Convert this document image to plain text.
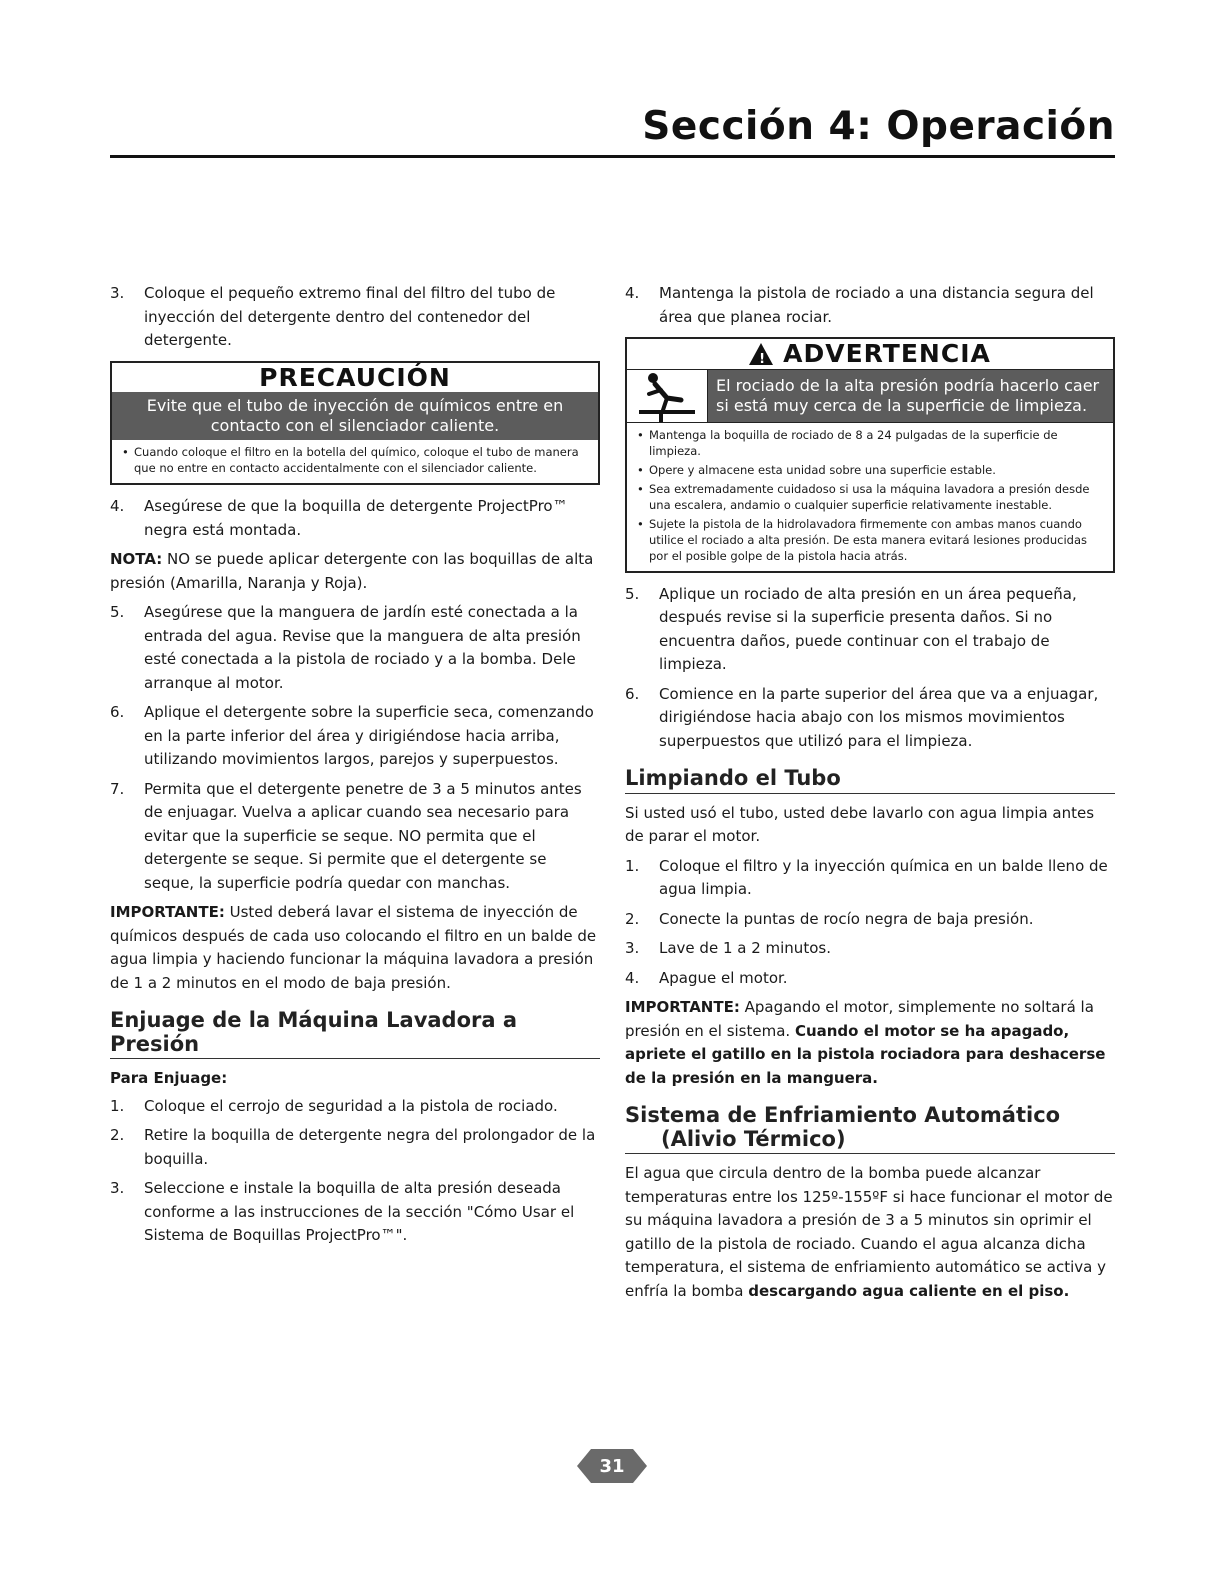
Sección 4: Operación
3.	Coloque el pequeño extremo final del filtro del tubo de inyección del detergente dentro del contenedor del detergente.
PRECAUCIÓN
Evite que el tubo de inyección de químicos entre en contacto con el silenciador caliente.
• Cuando coloque el filtro en la botella del químico, coloque el tubo de manera que no entre en contacto accidentalmente con el silenciador caliente.
4.	Asegúrese de que la boquilla de detergente ProjectPro™ negra está montada.

NOTA: NO se puede aplicar detergente con las boquillas de alta presión (Amarilla, Naranja y Roja).

5.	Asegúrese que la manguera de jardín esté conectada a la entrada del agua. Revise que la manguera de alta presión esté conectada a la pistola de rociado y a la bomba. Dele arranque al motor.
6.	Aplique el detergente sobre la superficie seca, comenzando en la parte inferior del área y dirigiéndose hacia arriba, utilizando movimientos largos, parejos y superpuestos.
7.	Permita que el detergente penetre de 3 a 5 minutos antes de enjuagar. Vuelva a aplicar cuando sea necesario para evitar que la superficie se seque. NO permita que el detergente se seque. Si permite que el detergente se seque, la superficie podría quedar con manchas.

IMPORTANTE: Usted deberá lavar el sistema de inyección de químicos después de cada uso colocando el filtro en un balde de agua limpia y haciendo funcionar la máquina lavadora a presión de 1 a 2 minutos en el modo de baja presión.

Enjuage de la Máquina Lavadora a Presión
Para Enjuage:
1.	Coloque el cerrojo de seguridad a la pistola de rociado.
2.	Retire la boquilla de detergente negra del prolongador de la boquilla.
3.	Seleccione e instale la boquilla de alta presión deseada conforme a las instrucciones de la sección "Cómo Usar el Sistema de Boquillas ProjectPro™".
4.	Mantenga la pistola de rociado a una distancia segura del área que planea rociar.
! ADVERTENCIA
El rociado de la alta presión podría hacerlo caer si está muy cerca de la superficie de limpieza.
• Mantenga la boquilla de rociado de 8 a 24 pulgadas de la superficie de limpieza.
• Opere y almacene esta unidad sobre una superficie estable.
• Sea extremadamente cuidadoso si usa la máquina lavadora a presión desde una escalera, andamio o cualquier superficie relativamente inestable.
• Sujete la pistola de la hidrolavadora firmemente con ambas manos cuando utilice el rociado a alta presión. De esta manera evitará lesiones producidas por el posible golpe de la pistola hacia atrás.
5.	Aplique un rociado de alta presión en un área pequeña, después revise si la superficie presenta daños. Si no encuentra daños, puede continuar con el trabajo de limpieza.
6.	Comience en la parte superior del área que va a enjuagar, dirigiéndose hacia abajo con los mismos movimientos superpuestos que utilizó para el limpieza.
Limpiando el Tubo

Si usted usó el tubo, usted debe lavarlo con agua limpia antes de parar el motor.

1.	Coloque el filtro y la inyección química en un balde lleno de agua limpia.
2.	Conecte la puntas de rocío negra de baja presión.
3.	Lave de 1 a 2 minutos.
4.	Apague el motor.

IMPORTANTE: Apagando el motor, simplemente no soltará la presión en el sistema. Cuando el motor se ha apagado, apriete el gatillo en la pistola rociadora para deshacerse de la presión en la manguera.

Sistema de Enfriamiento Automático
(Alivio Térmico)

El agua que circula dentro de la bomba puede alcanzar temperaturas entre los 125º-155ºF si hace funcionar el motor de su máquina lavadora a presión de 3 a 5 minutos sin oprimir el gatillo de la pistola de rociado. Cuando el agua alcanza dicha temperatura, el sistema de enfriamiento automático se activa y enfría la bomba descargando agua caliente en el piso.

31
